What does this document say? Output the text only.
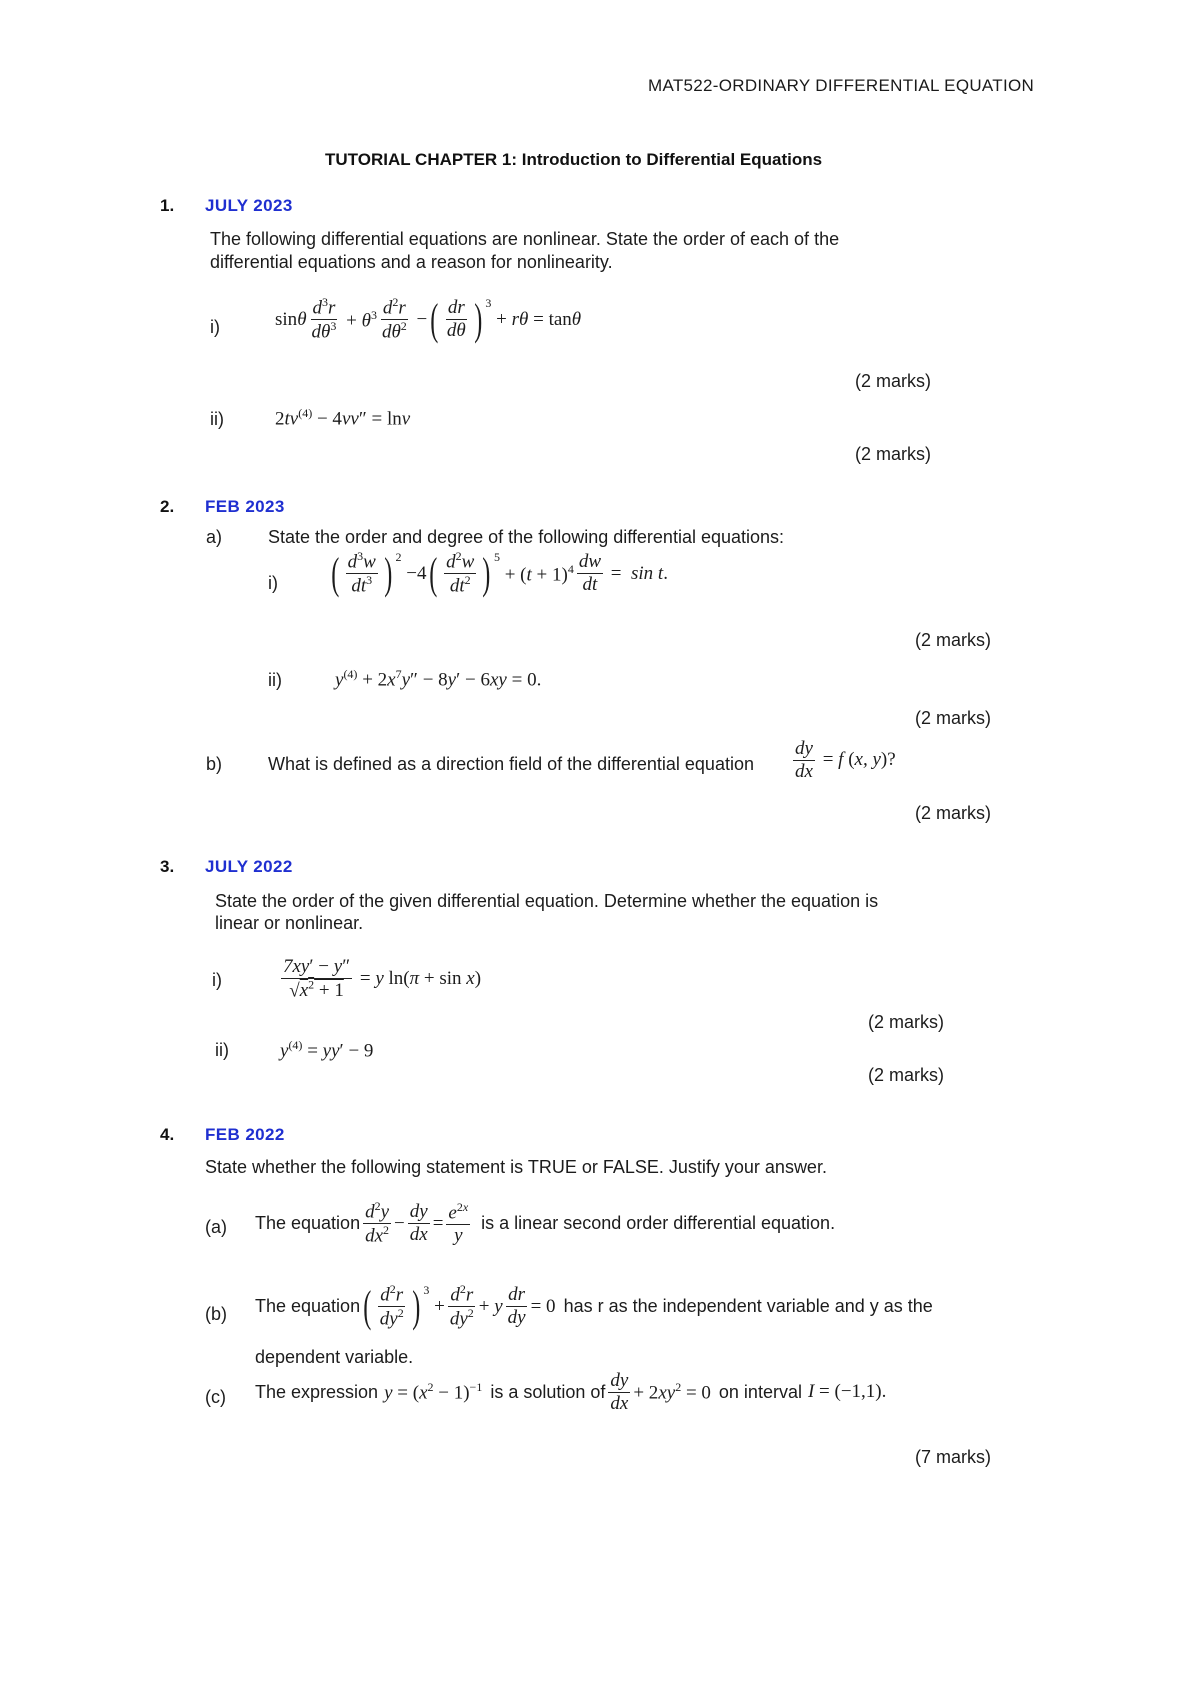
MAT522-ORDINARY DIFFERENTIAL EQUATION
TUTORIAL CHAPTER 1: Introduction to Differential Equations
1. JULY 2023
The following differential equations are nonlinear. State the order of each of the
differential equations and a reason for nonlinearity.
i)	sinθ $\frac{d^3r}{d\theta^3} + \theta^3 \frac{d^2r}{d\theta^2}$ − ( $\frac{dr}{d\theta}$ ) $^3$
+ rθ = tanθ
(2 marks)
ii)	$2tv^{(4)} - 4vv'' = \ln v$
(2 marks)
2. FEB 2023
a)	State the order and degree of the following differential equations:
i) ( $\frac{d^3w}{dt^3}$ ) $^2$
−4 ( $\frac{d^2w}{dt^2}$ ) $^5$
+ $(t + 1)^4 \frac{dw}{dt} = \sin t$.
(2 marks)
ii)	$y^{(4)} + 2x^7y'' - 8y' - 6xy = 0$.
(2 marks)
b)	What is defined as a direction field of the differential equation $\frac{dy}{dx} = f$ (x, y)?
(2 marks)
3. JULY 2022
State the order of the given differential equation. Determine whether the equation is
linear or nonlinear.
i)	$\frac{7xy' - y''}{√x^2 + 1} = y$ ln(π + sin x)
(2 marks)
ii)	$y^{(4)} = yy' - 9$
(2 marks)
4. FEB 2022
State whether the following statement is TRUE or FALSE. Justify your answer.
(a) The equation $\frac{d^2y}{dx^2} - \frac{dy}{dx} = \frac{e^{2x}}{y}$ is a linear second order differential equation.
(b) The equation ( $\frac{d^2r}{dy^2}$ ) $^3$
+ $\frac{d^2r}{dy^2} + y \frac{dr}{dy} = 0$ has r as the independent variable and y as the
dependent variable.
(c) The expression $y = (x^2 - 1)^{-1}$ is a solution of $\frac{dy}{dx} + 2xy^2 = 0$ on interval I = (−1,1).
(7 marks)
